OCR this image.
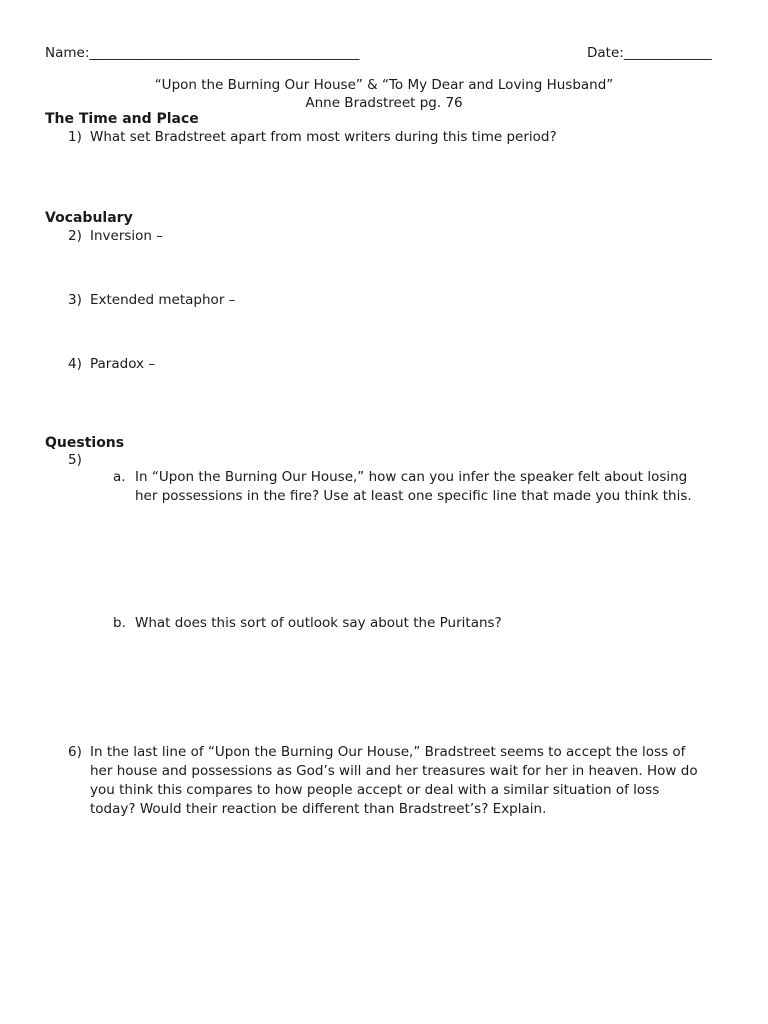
Name:________________________________________	Date:_____________
“Upon the Burning Our House” & “To My Dear and Loving Husband”
Anne Bradstreet pg. 76
The Time and Place
1) What set Bradstreet apart from most writers during this time period?
Vocabulary
2) Inversion –
3) Extended metaphor –
4) Paradox –
Questions
5)
a. In “Upon the Burning Our House,” how can you infer the speaker felt about losing
her possessions in the fire? Use at least one specific line that made you think this.
b. What does this sort of outlook say about the Puritans?
6) In the last line of “Upon the Burning Our House,” Bradstreet seems to accept the loss of
her house and possessions as God’s will and her treasures wait for her in heaven. How do
you think this compares to how people accept or deal with a similar situation of loss
today? Would their reaction be different than Bradstreet’s? Explain.
